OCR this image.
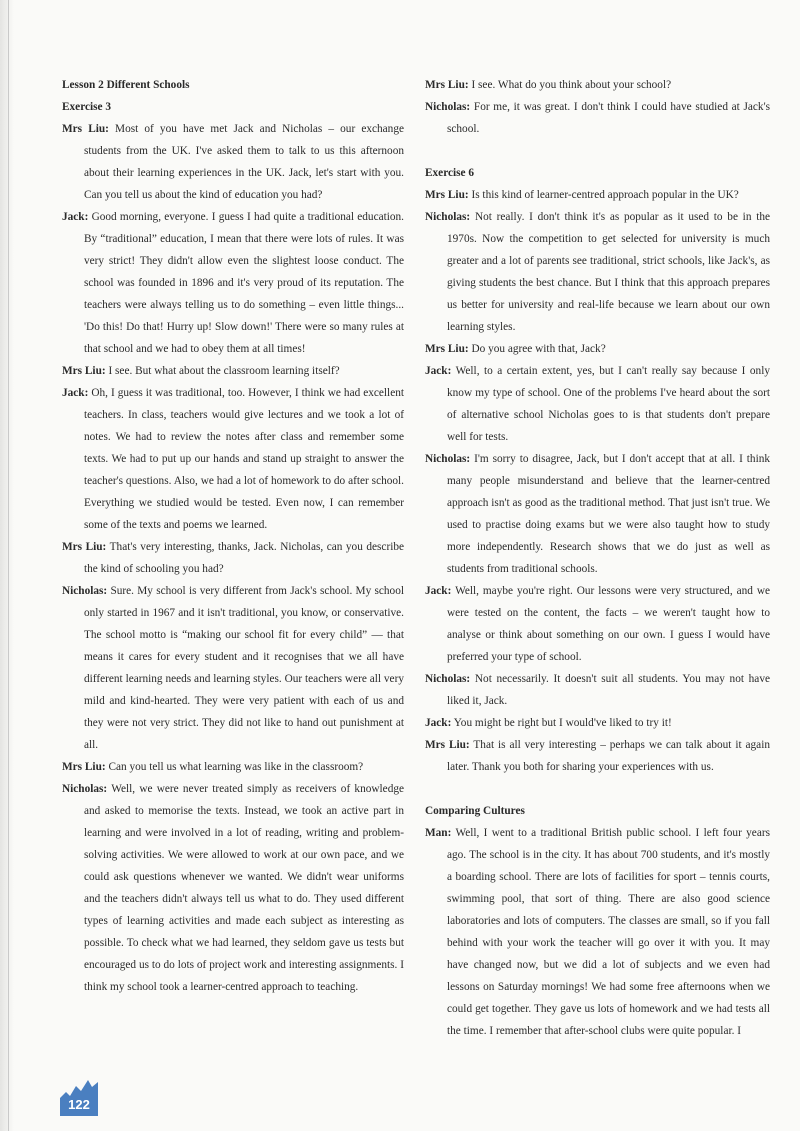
Lesson 2 Different Schools

Exercise 3

Mrs Liu: Most of you have met Jack and Nicholas – our exchange students from the UK. I've asked them to talk to us this afternoon about their learning experiences in the UK. Jack, let's start with you. Can you tell us about the kind of education you had?

Jack: Good morning, everyone. I guess I had quite a traditional education. By “traditional” education, I mean that there were lots of rules. It was very strict! They didn't allow even the slightest loose conduct. The school was founded in 1896 and it's very proud of its reputation. The teachers were always telling us to do something – even little things... 'Do this! Do that! Hurry up! Slow down!' There were so many rules at that school and we had to obey them at all times!

Mrs Liu: I see. But what about the classroom learning itself?

Jack: Oh, I guess it was traditional, too. However, I think we had excellent teachers. In class, teachers would give lectures and we took a lot of notes. We had to review the notes after class and remember some texts. We had to put up our hands and stand up straight to answer the teacher's questions. Also, we had a lot of homework to do after school. Everything we studied would be tested. Even now, I can remember some of the texts and poems we learned.

Mrs Liu: That's very interesting, thanks, Jack. Nicholas, can you describe the kind of schooling you had?

Nicholas: Sure. My school is very different from Jack's school. My school only started in 1967 and it isn't traditional, you know, or conservative. The school motto is “making our school fit for every child” — that means it cares for every student and it recognises that we all have different learning needs and learning styles. Our teachers were all very mild and kind-hearted. They were very patient with each of us and they were not very strict. They did not like to hand out punishment at all.

Mrs Liu: Can you tell us what learning was like in the classroom?

Nicholas: Well, we were never treated simply as receivers of knowledge and asked to memorise the texts. Instead, we took an active part in learning and were involved in a lot of reading, writing and problem-solving activities. We were allowed to work at our own pace, and we could ask questions whenever we wanted. We didn't wear uniforms and the teachers didn't always tell us what to do. They used different types of learning activities and made each subject as interesting as possible. To check what we had learned, they seldom gave us tests but encouraged us to do lots of project work and interesting assignments. I think my school took a learner-centred approach to teaching.

Mrs Liu: I see. What do you think about your school?

Nicholas: For me, it was great. I don't think I could have studied at Jack's school.

Exercise 6

Mrs Liu: Is this kind of learner-centred approach popular in the UK?

Nicholas: Not really. I don't think it's as popular as it used to be in the 1970s. Now the competition to get selected for university is much greater and a lot of parents see traditional, strict schools, like Jack's, as giving students the best chance. But I think that this approach prepares us better for university and real-life because we learn about our own learning styles.

Mrs Liu: Do you agree with that, Jack?

Jack: Well, to a certain extent, yes, but I can't really say because I only know my type of school. One of the problems I've heard about the sort of alternative school Nicholas goes to is that students don't prepare well for tests.

Nicholas: I'm sorry to disagree, Jack, but I don't accept that at all. I think many people misunderstand and believe that the learner-centred approach isn't as good as the traditional method. That just isn't true. We used to practise doing exams but we were also taught how to study more independently. Research shows that we do just as well as students from traditional schools.

Jack: Well, maybe you're right. Our lessons were very structured, and we were tested on the content, the facts – we weren't taught how to analyse or think about something on our own. I guess I would have preferred your type of school.

Nicholas: Not necessarily. It doesn't suit all students. You may not have liked it, Jack.

Jack: You might be right but I would've liked to try it!

Mrs Liu: That is all very interesting – perhaps we can talk about it again later. Thank you both for sharing your experiences with us.

Comparing Cultures

Man: Well, I went to a traditional British public school. I left four years ago. The school is in the city. It has about 700 students, and it's mostly a boarding school. There are lots of facilities for sport – tennis courts, swimming pool, that sort of thing. There are also good science laboratories and lots of computers. The classes are small, so if you fall behind with your work the teacher will go over it with you. It may have changed now, but we did a lot of subjects and we even had lessons on Saturday mornings! We had some free afternoons when we could get together. They gave us lots of homework and we had tests all the time. I remember that after-school clubs were quite popular. I

122
